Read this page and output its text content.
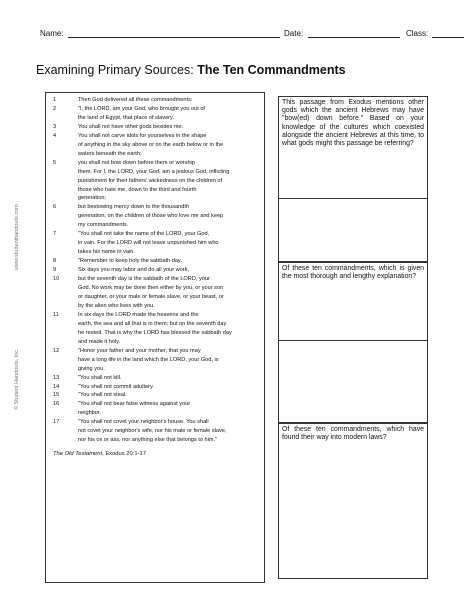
Name:	Date:	Class:
Examining Primary Sources: The Ten Commandments
www.studenthandouts.com
© Student Handouts, Inc.
1	Then God delivered all these commandments:
2	"I, the LORD, am your God, who brought you out of
the land of Egypt, that place of slavery.
3	You shall not have other gods besides me.
4	You shall not carve idols for yourselves in the shape
of anything in the sky above or on the earth below or in the
waters beneath the earth;
5	you shall not bow down before them or worship
them. For I, the LORD, your God, am a jealous God, inflicting
punishment for their fathers' wickedness on the children of
those who hate me, down to the third and fourth
generation;
6	but bestowing mercy down to the thousandth
generation, on the children of those who love me and keep
my commandments.
7	"You shall not take the name of the LORD, your God,
in vain. For the LORD will not leave unpunished him who
takes his name in vain.
8	"Remember to keep holy the sabbath day.
9	Six days you may labor and do all your work,
10	but the seventh day is the sabbath of the LORD, your
God. No work may be done then either by you, or your son
or daughter, or your male or female slave, or your beast, or
by the alien who lives with you.
11	In six days the LORD made the heavens and the
earth, the sea and all that is in them; but on the seventh day
he rested. That is why the LORD has blessed the sabbath day
and made it holy.
12	"Honor your father and your mother, that you may
have a long life in the land which the LORD, your God, is
giving you.
13	"You shall not kill.
14	"You shall not commit adultery.
15	"You shall not steal.
16	"You shall not bear false witness against your
neighbor.
17	"You shall not covet your neighbor's house. You shall
not covet your neighbor's wife, nor his male or female slave,
nor his ox or ass, nor anything else that belongs to him."
The Old Testament, Exodus 20:1-17
This passage from Exodus mentions other gods which the ancient Hebrews may have "bow(ed) down before." Based on your knowledge of the cultures which coexisted alongside the ancient Hebrews at this time, to what gods might this passage be referring?
Of these ten commandments, which is given the most thorough and lengthy explanation?
Of these ten commandments, which have found their way into modern laws?
